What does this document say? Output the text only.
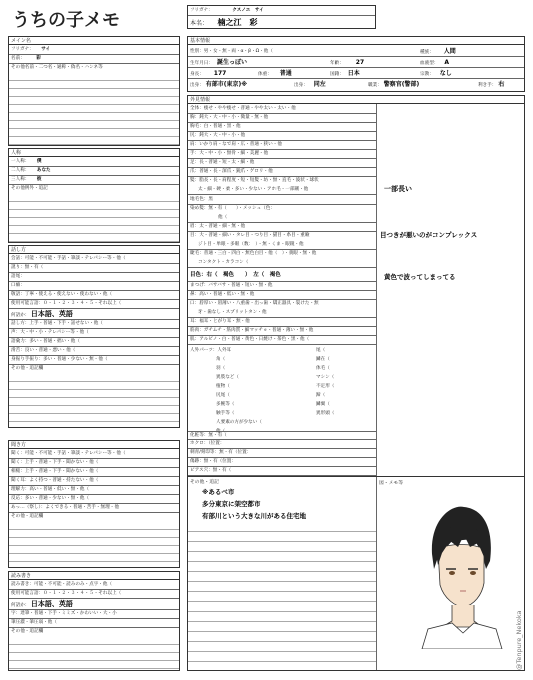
うちの子メモ	フリガナ：	クスノエ　サイ
本名： 楠之江　彩
メイン名
フリガナ： サイ
名前： 彩
その他名前・二つ名・通称・偽名・ハンネ等
人称
一人称： 僕
二人称： あなた
三人称： 彼
その他例外・追記
話し方
会話：可能・不可能・手話・筆談・テレパシー等・他（
訛り：無・有（
語尾：
口癖：
敬語：丁寧・使える・使えない・使わない・他（
使用可能言語：０・１・２・３・４・５・それ以上（
何語か： 日本語、英語
話し方：上手・普通・下手・話せない・他（
声：大・中・小・テレパシー等・他（
語彙力：多い・普通・拙い・他（
滑舌：良い・普通・悪い・他（
身振り手振り：多い・普通・少ない・無・他（
その他・追記欄
聞き方
聞く：可能・不可能・手話・筆談・テレパシー等・他（
聞く：上手・普通・下手・聞かない・他（
相槌：上手・普通・下手・聞かない・他（
聞く耳：よく持つ・普通・持たない・他（
理解力：高い・普通・低い・無・他（
反応：多い・普通・少ない・無・他（
あっ…（察し）：よくできる・普通・苦手・無理・他
その他・追記欄
読み書き
読み書き：可能・不可能・読みのみ・点字・他（
使用可能言語：０・１・２・３・４・５・それ以上（
何語か： 日本語、英語
字：達筆・普通・下手・ミミズ・かわいい・大・小
筆圧濃・筆圧弱・他（
その他・追記欄
基本情報
性別：男・女・無・両・α・β・Ω・他（	種族： 人間
生年月日： 誕生っぽい	年齢： 27	血液型： A
身長： 177	体重： 普通	国籍： 日本	宗教： なし
出身： 有部市(東京)※	出身： 同左	職業： 警察官(警部)	利き手： 右
外見情報
全体：痩せ・やや痩せ・普通・やや太い・太い・他
胸：鈍大・大・中・小・微量・無・他
胸毛：白・普通・黒・他
尻：鈍大・大・中・小・他
肩：いかり肩・なで肩・広・普通・狭い・他
手：大・中・小・無骨・細・美麗・他
足：長・普通・短・太・細・他
爪：普通・長・深爪・鋭爪・ゲロリ・他
髪：脂長・長・肩程度・短・短髪・坊・無・直毛・波状・球状
太・細・硬・柔・多い・少ない・アホ毛・一部剛・他	一部長い
地毛色：黒
染め髪：無・有（　　）・メッシュ（色：
他（
眉：太・普通・細・無・他
目：大・普通・細い・タレ目・つり目・猫目・糸目・重瞼
ジト目・単眼・多眼（数：　）・無・くま・眼鏡・他
目つきが悪いのがコンプレックス
睫毛：普通・三白・四白・無色白目・他（　）・義眼・無・他
コンタクト・カラコン（
目色：右（　褐色　　）　左（　褐色	黄色で波ってしまってる
まつげ：バサバサ・普通・短い・無・他
鼻：高い・普通・低い・無・他
口：唇厚い・唇薄い・八重歯・出っ歯・矯正器具・裂けた・無
牙・歯なし・スプリットタン・他
耳：福耳・とがり耳・無・他
筋肉：ガチムチ・筋肉質・細マッチョ・普通・薄い・無・他
肌：アルビノ・白・普通・黄色・日焼け・茶色・黒・他（
人外パーツ：人外耳
角（
羽（
異肢など（
植物（
尻尾（
多腕等（
触手等（
人要素の方が少ない（
他（
尾（
鱗在（
体毛（
マシン（
不定形（
蹄（
鱗翼（
異形頭（
化粧等：無・有（
ホクロ：（位置：
刺青/刻印等：無・有（位置：
傷跡：無・有（位置：
ピアス穴：無・有（
その他・追記
※あるべ市
多分東京に架空都市
有部川という大きな川がある住宅地
図・メモ等
@Tenpure_Nekoka
